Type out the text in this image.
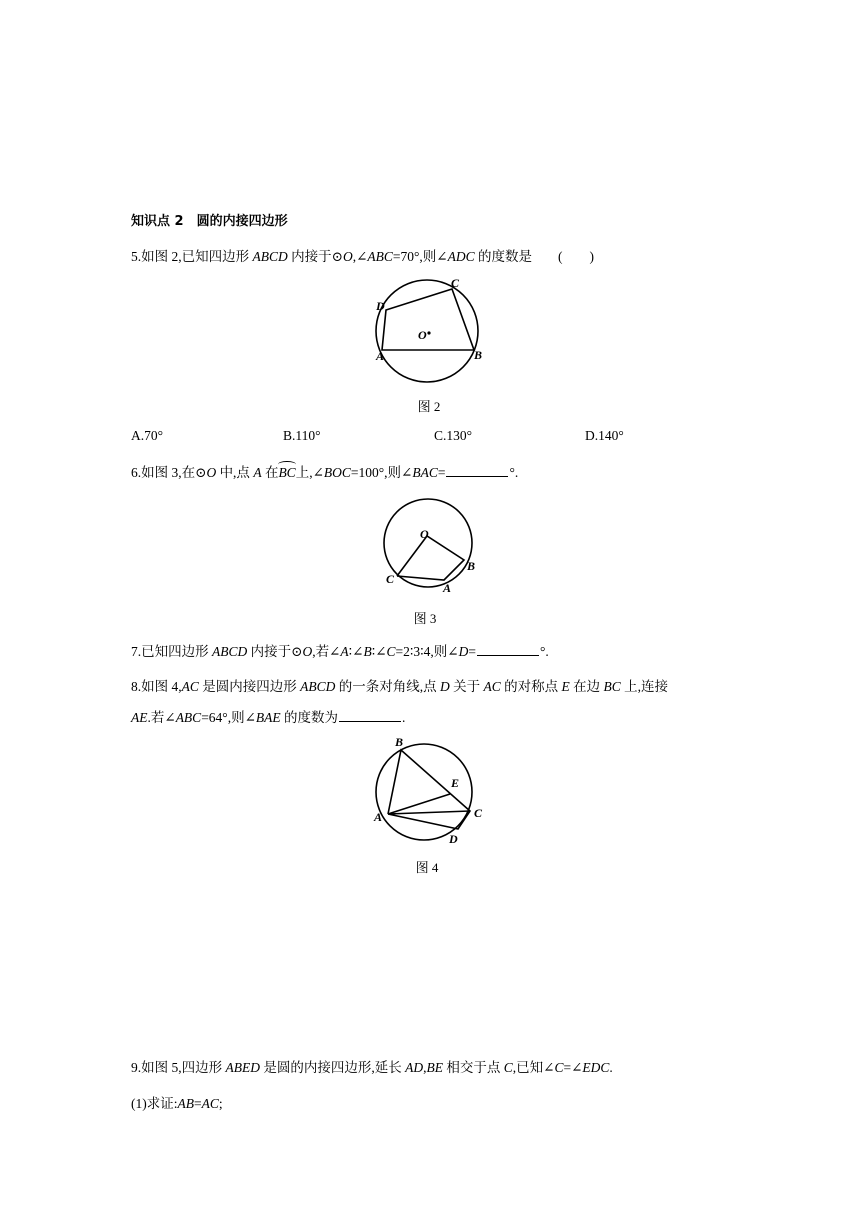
知识点 2　圆的内接四边形
5.如图 2,已知四边形 ABCD 内接于⊙O,∠ABC=70°,则∠ADC 的度数是 (　　)
C
D
O
A	B
图 2
A.70°	B.110°	C.130°	D.140°
6.如图 3,在⊙O 中,点 A 在BC上,∠BOC=100°,则∠BAC=	°.
O
C
A
B
图 3
7.已知四边形 ABCD 内接于⊙O,若∠A∶∠B∶∠C=2∶3∶4,则∠D=	°.
8.如图 4,AC 是圆内接四边形 ABCD 的一条对角线,点 D 关于 AC 的对称点 E 在边 BC 上,连接
AE.若∠ABC=64°,则∠BAE 的度数为	.
B
E
A	C
D
图 4
9.如图 5,四边形 ABED 是圆的内接四边形,延长 AD,BE 相交于点 C,已知∠C=∠EDC.
(1)求证:AB=AC;
